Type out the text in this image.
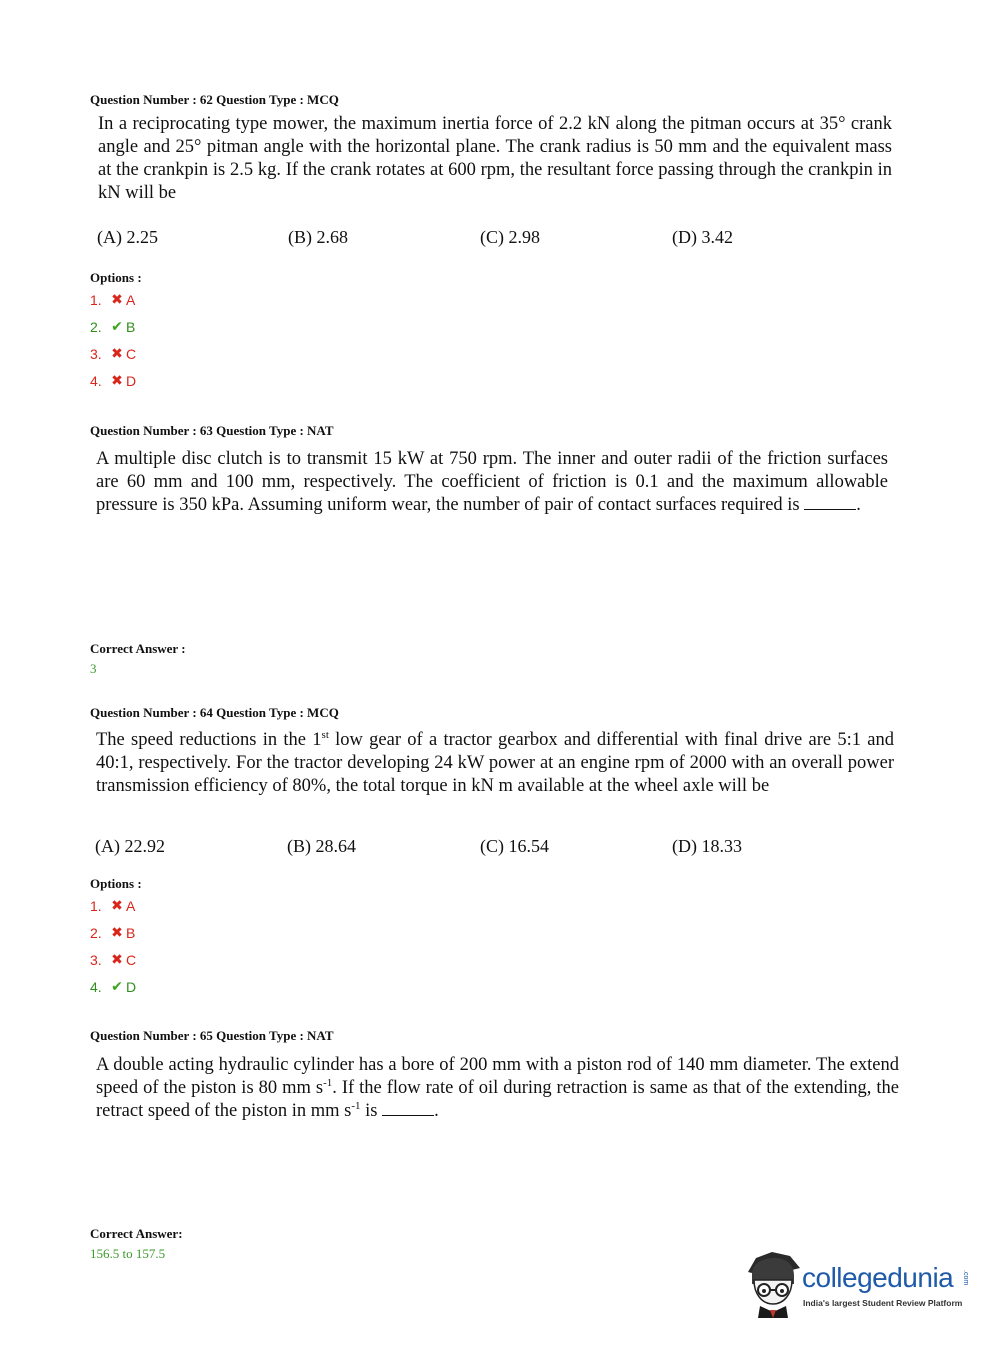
Question Number : 62 Question Type : MCQ
In a reciprocating type mower, the maximum inertia force of 2.2 kN along the pitman occurs at 35° crank angle and 25° pitman angle with the horizontal plane. The crank radius is 50 mm and the equivalent mass at the crankpin is 2.5 kg. If the crank rotates at 600 rpm, the resultant force passing through the crankpin in kN will be
(A) 2.25	(B) 2.68	(C) 2.98	(D) 3.42
Options :
1. ✖ A
2. ✔ B
3. ✖ C
4. ✖ D
Question Number : 63 Question Type : NAT
A multiple disc clutch is to transmit 15 kW at 750 rpm. The inner and outer radii of the friction surfaces are 60 mm and 100 mm, respectively. The coefficient of friction is 0.1 and the maximum allowable pressure is 350 kPa. Assuming uniform wear, the number of pair of contact surfaces required is	.
Correct Answer :
3
Question Number : 64 Question Type : MCQ
The speed reductions in the 1st low gear of a tractor gearbox and differential with final drive are 5:1 and 40:1, respectively. For the tractor developing 24 kW power at an engine rpm of 2000 with an overall power transmission efficiency of 80%, the total torque in kN m available at the wheel axle will be
(A) 22.92	(B) 28.64	(C) 16.54	(D) 18.33
Options :
1. ✖ A
2. ✖ B
3. ✖ C
4. ✔ D
Question Number : 65 Question Type : NAT
A double acting hydraulic cylinder has a bore of 200 mm with a piston rod of 140 mm diameter. The extend speed of the piston is 80 mm $s^{-1}$. If the flow rate of oil during retraction is same as that of the extending, the retract speed of the piston in mm $s^{-1}$ is	.
Correct Answer:
156.5 to 157.5
collegedunia .com
India's largest Student Review Platform
